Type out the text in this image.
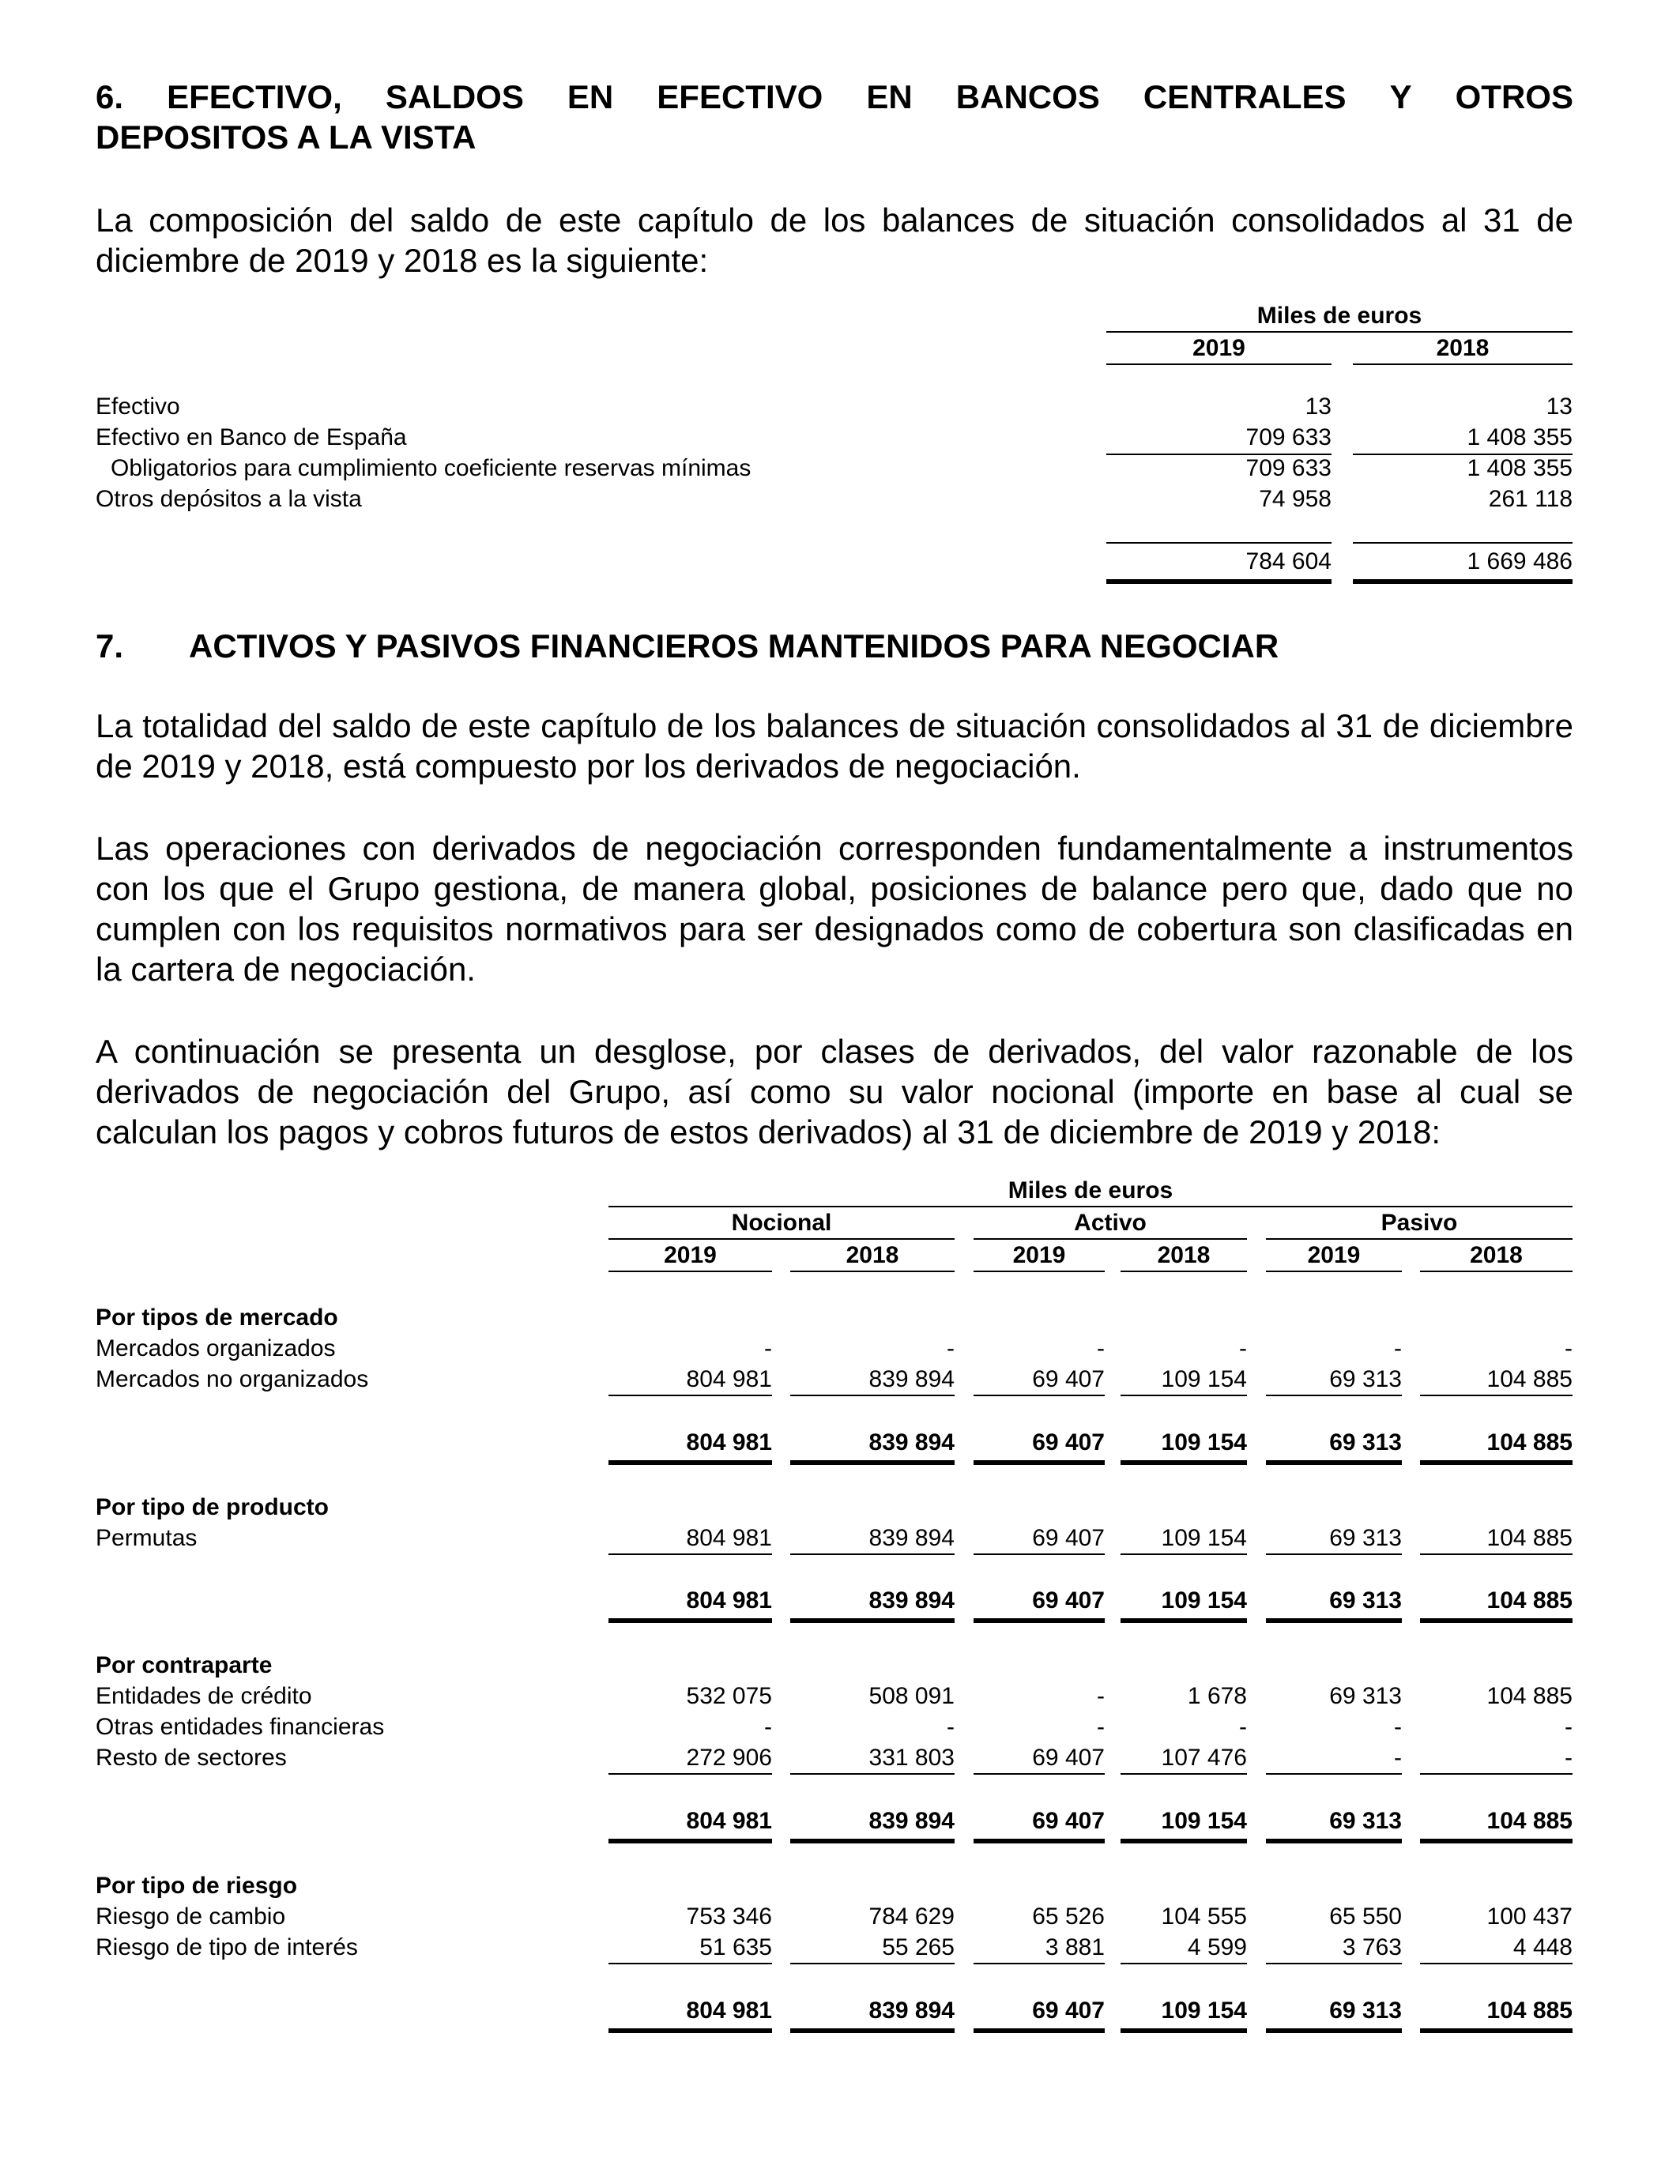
6. EFECTIVO, SALDOS EN EFECTIVO EN BANCOS CENTRALES Y OTROS
DEPOSITOS A LA VISTA
La composición del saldo de este capítulo de los balances de situación consolidados al 31 de diciembre de 2019 y 2018 es la siguiente:
Miles de euros
2019	2018
Efectivo	13	13
Efectivo en Banco de España	709 633	1 408 355
Obligatorios para cumplimiento coeficiente reservas mínimas	709 633	1 408 355
Otros depósitos a la vista	74 958	261 118
784 604	1 669 486
7.	ACTIVOS Y PASIVOS FINANCIEROS MANTENIDOS PARA NEGOCIAR
La totalidad del saldo de este capítulo de los balances de situación consolidados al 31 de diciembre de 2019 y 2018, está compuesto por los derivados de negociación.
Las operaciones con derivados de negociación corresponden fundamentalmente a instrumentos con los que el Grupo gestiona, de manera global, posiciones de balance pero que, dado que no cumplen con los requisitos normativos para ser designados como de cobertura son clasificadas en la cartera de negociación.
A continuación se presenta un desglose, por clases de derivados, del valor razonable de los derivados de negociación del Grupo, así como su valor nocional (importe en base al cual se calculan los pagos y cobros futuros de estos derivados) al 31 de diciembre de 2019 y 2018:
Miles de euros
Nocional	Activo	Pasivo
2019	2018	2019	2018	2019	2018
Por tipos de mercado
Mercados organizados	-	-	-	-	-	-
Mercados no organizados	804 981	839 894	69 407	109 154	69 313	104 885
804 981	839 894	69 407	109 154	69 313	104 885
Por tipo de producto
Permutas	804 981	839 894	69 407	109 154	69 313	104 885
804 981	839 894	69 407	109 154	69 313	104 885
Por contraparte
Entidades de crédito	532 075	508 091	-	1 678	69 313	104 885
Otras entidades financieras	-	-	-	-	-	-
Resto de sectores	272 906	331 803	69 407	107 476	-	-
804 981	839 894	69 407	109 154	69 313	104 885
Por tipo de riesgo
Riesgo de cambio	753 346	784 629	65 526	104 555	65 550	100 437
Riesgo de tipo de interés	51 635	55 265	3 881	4 599	3 763	4 448
804 981	839 894	69 407	109 154	69 313	104 885
